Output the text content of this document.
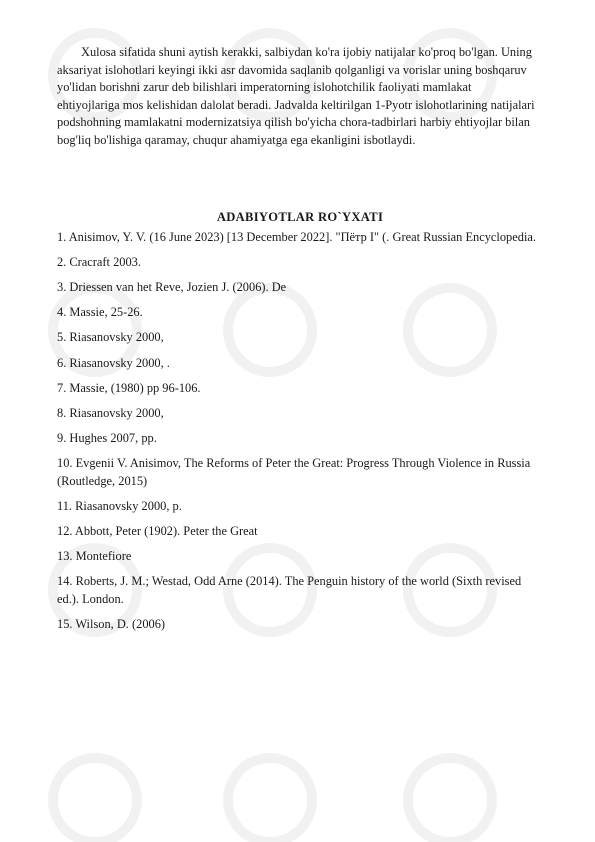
Xulosa sifatida shuni aytish kerakki, salbiydan ko'ra ijobiy natijalar ko'proq bo'lgan. Uning aksariyat islohotlari keyingi ikki asr davomida saqlanib qolganligi va vorislar uning boshqaruv yo'lidan borishni zarur deb bilishlari imperatorning islohotchilik faoliyati mamlakat ehtiyojlariga mos kelishidan dalolat beradi. Jadvalda keltirilgan 1-Pyotr islohotlarining natijalari podshohning mamlakatni modernizatsiya qilish bo'yicha chora-tadbirlari harbiy ehtiyojlar bilan bog'liq bo'lishiga qaramay, chuqur ahamiyatga ega ekanligini isbotlaydi.

ADABIYOTLAR RO`YXATI
1. Anisimov, Y. V. (16 June 2023) [13 December 2022]. "Пётр I" (. Great Russian Encyclopedia.
2. Cracraft 2003.
3. Driessen van het Reve, Jozien J. (2006). De
4. Massie, 25-26.
5. Riasanovsky 2000,
6. Riasanovsky 2000, .
7. Massie, (1980) pp 96-106.
8. Riasanovsky 2000,
9. Hughes 2007, pp.
10. Evgenii V. Anisimov, The Reforms of Peter the Great: Progress Through Violence in Russia (Routledge, 2015)
11. Riasanovsky 2000, p.
12. Abbott, Peter (1902). Peter the Great
13. Montefiore
14. Roberts, J. M.; Westad, Odd Arne (2014). The Penguin history of the world (Sixth revised ed.). London.
15. Wilson, D. (2006)
